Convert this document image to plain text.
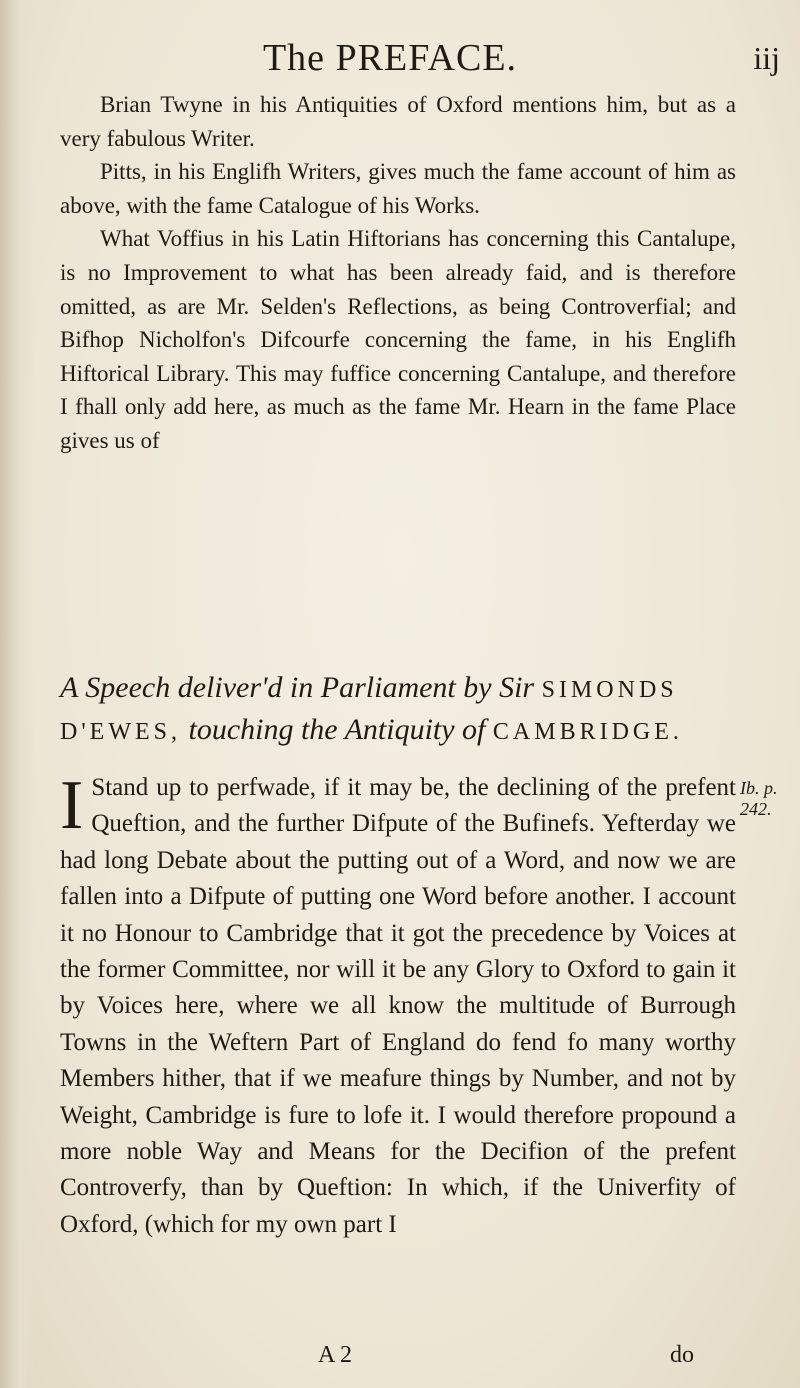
The PREFACE.	iij

Brian Twyne in his Antiquities of Oxford mentions him, but as a very fabulous Writer.

Pitts, in his Englifh Writers, gives much the fame account of him as above, with the fame Catalogue of his Works.

What Voffius in his Latin Hiftorians has concerning this Cantalupe, is no Improvement to what has been already faid, and is therefore omitted, as are Mr. Selden's Reflections, as being Controverfial; and Bifhop Nicholfon's Difcourfe concerning the fame, in his Englifh Hiftorical Library. This may fuffice concerning Cantalupe, and therefore I fhall only add here, as much as the fame Mr. Hearn in the fame Place gives us of

A Speech deliver'd in Parliament by Sir SIMONDS D'EWES, touching the Antiquity of CAMBRIDGE.
Ib. p. 242.
I Stand up to perfwade, if it may be, the declining of the prefent Queftion, and the further Difpute of the Bufinefs. Yefterday we had long Debate about the putting out of a Word, and now we are fallen into a Difpute of putting one Word before another. I account it no Honour to Cambridge that it got the precedence by Voices at the former Committee, nor will it be any Glory to Oxford to gain it by Voices here, where we all know the multitude of Burrough Towns in the Weftern Part of England do fend fo many worthy Members hither, that if we meafure things by Number, and not by Weight, Cambridge is fure to lofe it. I would therefore propound a more noble Way and Means for the Decifion of the prefent Controverfy, than by Queftion: In which, if the Univerfity of Oxford, (which for my own part I
A 2	do
